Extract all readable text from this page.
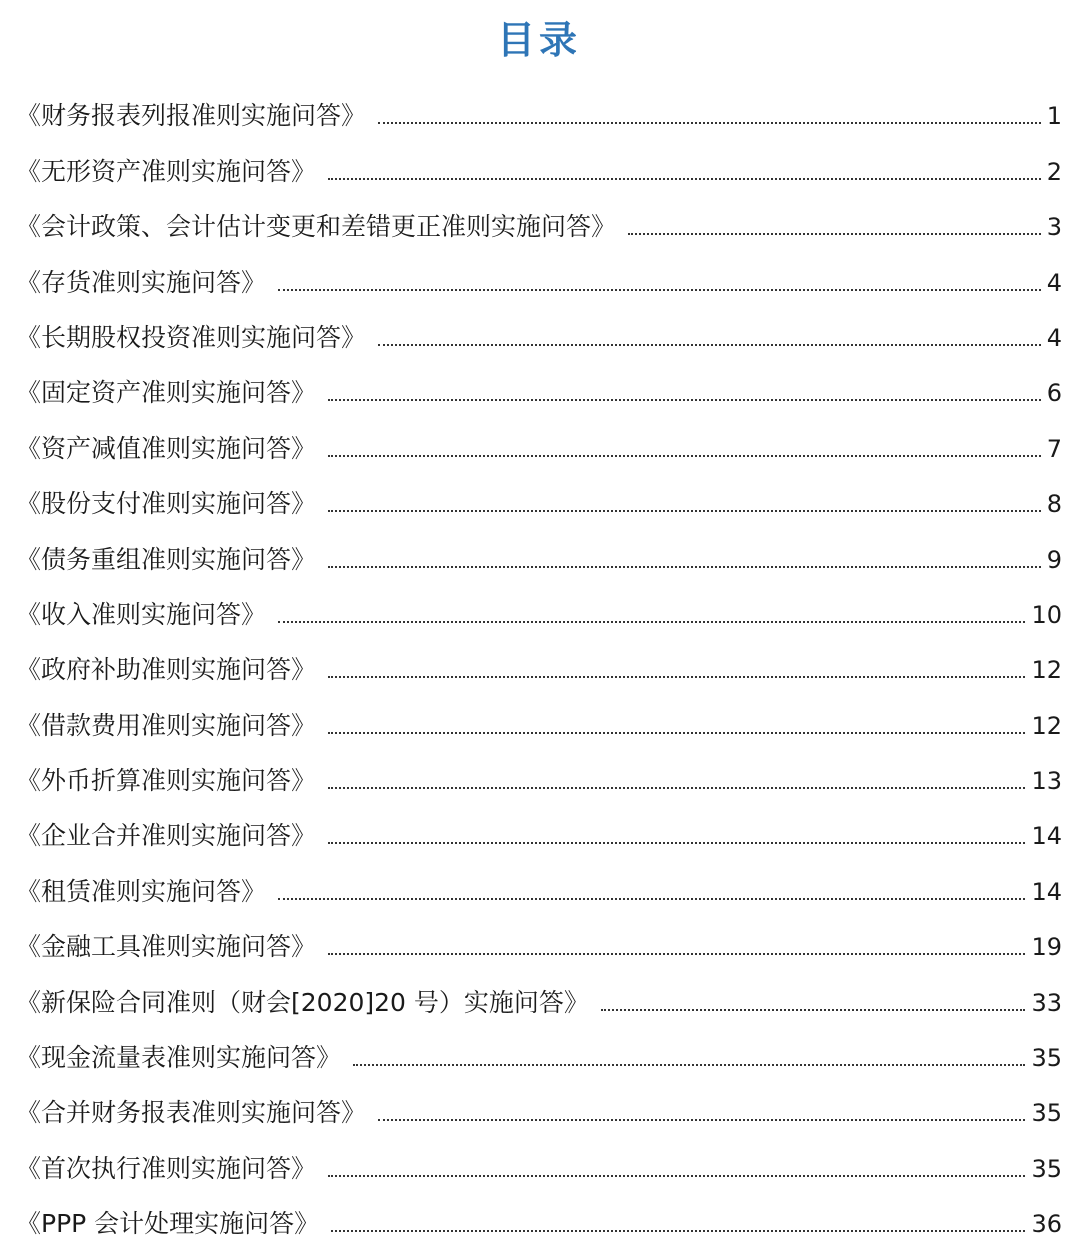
目录
《财务报表列报准则实施问答》	1
《无形资产准则实施问答》	2
《会计政策、会计估计变更和差错更正准则实施问答》	3
《存货准则实施问答》	4
《长期股权投资准则实施问答》	4
《固定资产准则实施问答》	6
《资产减值准则实施问答》	7
《股份支付准则实施问答》	8
《债务重组准则实施问答》	9
《收入准则实施问答》	10
《政府补助准则实施问答》	12
《借款费用准则实施问答》	12
《外币折算准则实施问答》	13
《企业合并准则实施问答》	14
《租赁准则实施问答》	14
《金融工具准则实施问答》	19
《新保险合同准则（财会[2020]20 号）实施问答》	33
《现金流量表准则实施问答》	35
《合并财务报表准则实施问答》	35
《首次执行准则实施问答》	35
《PPP 会计处理实施问答》	36
